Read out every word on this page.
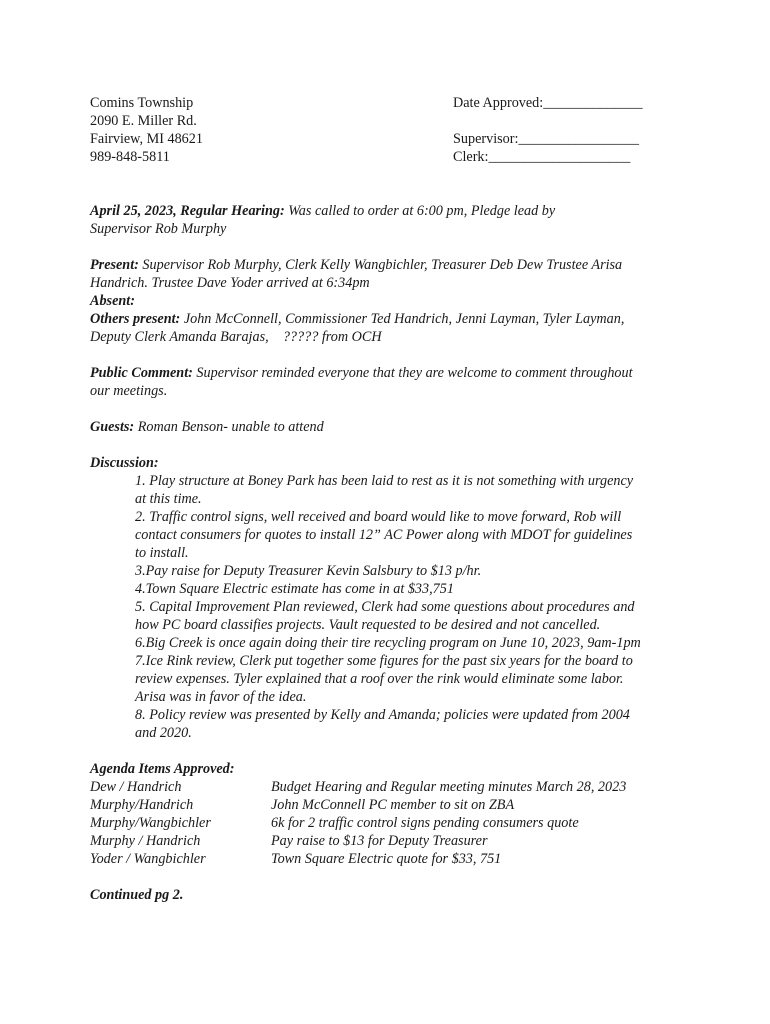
Comins Township
2090 E. Miller Rd.
Fairview, MI 48621
989-848-5811
Date Approved:______________
Supervisor:_________________
Clerk:____________________
April 25, 2023, Regular Hearing: Was called to order at 6:00 pm, Pledge lead by
Supervisor Rob Murphy
Present: Supervisor Rob Murphy, Clerk Kelly Wangbichler, Treasurer Deb Dew Trustee Arisa
Handrich. Trustee Dave Yoder arrived at 6:34pm
Absent:
Others present: John McConnell, Commissioner Ted Handrich, Jenni Layman, Tyler Layman,
Deputy Clerk Amanda Barajas,    ????? from OCH
Public Comment: Supervisor reminded everyone that they are welcome to comment throughout
our meetings.
Guests: Roman Benson- unable to attend
Discussion:
1. Play structure at Boney Park has been laid to rest as it is not something with urgency
at this time.
2. Traffic control signs, well received and board would like to move forward, Rob will
contact consumers for quotes to install 12” AC Power along with MDOT for guidelines
to install.
3.Pay raise for Deputy Treasurer Kevin Salsbury to $13 p/hr.
4.Town Square Electric estimate has come in at $33,751
5. Capital Improvement Plan reviewed, Clerk had some questions about procedures and
how PC board classifies projects. Vault requested to be desired and not cancelled.
6.Big Creek is once again doing their tire recycling program on June 10, 2023, 9am-1pm
7.Ice Rink review, Clerk put together some figures for the past six years for the board to
review expenses. Tyler explained that a roof over the rink would eliminate some labor.
Arisa was in favor of the idea.
8. Policy review was presented by Kelly and Amanda; policies were updated from 2004
and 2020.
Agenda Items Approved:
Dew / Handrich	Budget Hearing and Regular meeting minutes March 28, 2023
Murphy/Handrich	John McConnell PC member to sit on ZBA
Murphy/Wangbichler	6k for 2 traffic control signs pending consumers quote
Murphy / Handrich	Pay raise to $13 for Deputy Treasurer
Yoder / Wangbichler	Town Square Electric quote for $33, 751
Continued pg 2.
